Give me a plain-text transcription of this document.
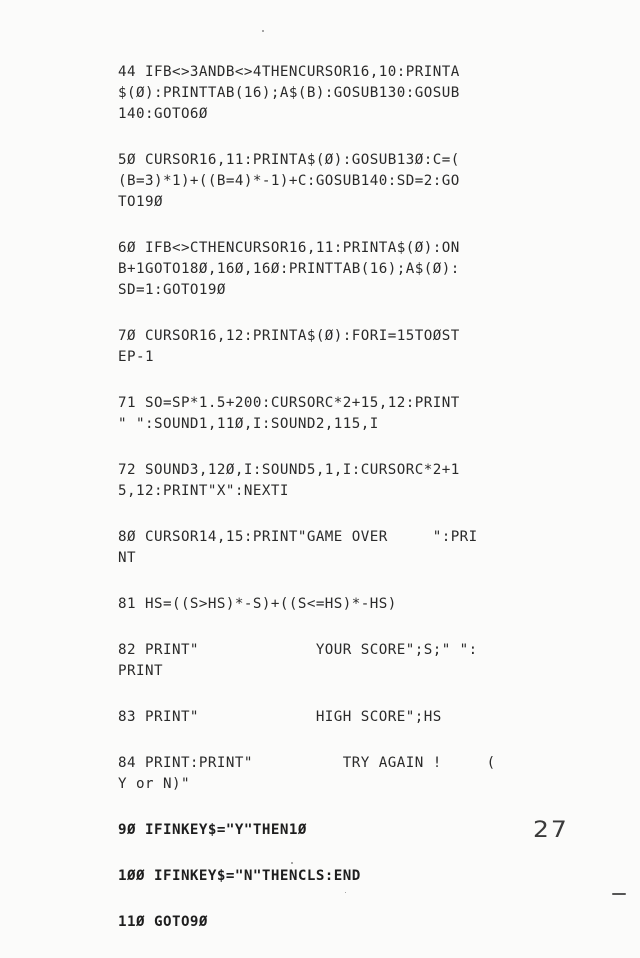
44 IFB<>3ANDB<>4THENCURSOR16,10:PRINTA
$(Ø):PRINTTAB(16);A$(B):GOSUB130:GOSUB
140:GOTO6Ø
5Ø CURSOR16,11:PRINTA$(Ø):GOSUB13Ø:C=(
(B=3)*1)+((B=4)*-1)+C:GOSUB140:SD=2:GO
TO19Ø
6Ø IFB<>CTHENCURSOR16,11:PRINTA$(Ø):ON
B+1GOTO18Ø,16Ø,16Ø:PRINTTAB(16);A$(Ø):
SD=1:GOTO19Ø
7Ø CURSOR16,12:PRINTA$(Ø):FORI=15TOØST
EP-1
71 SO=SP*1.5+200:CURSORC*2+15,12:PRINT
" ":SOUND1,11Ø,I:SOUND2,115,I
72 SOUND3,12Ø,I:SOUND5,1,I:CURSORC*2+1
5,12:PRINT"X":NEXTI
8Ø CURSOR14,15:PRINT"GAME OVER     ":PRI
NT
81 HS=((S>HS)*-S)+((S<=HS)*-HS)
82 PRINT"             YOUR SCORE";S;" ":
PRINT
83 PRINT"             HIGH SCORE";HS
84 PRINT:PRINT"          TRY AGAIN !     (
Y or N)"
9Ø IFINKEY$="Y"THEN1Ø
1ØØ IFINKEY$="N"THENCLS:END
11Ø GOTO9Ø
27
